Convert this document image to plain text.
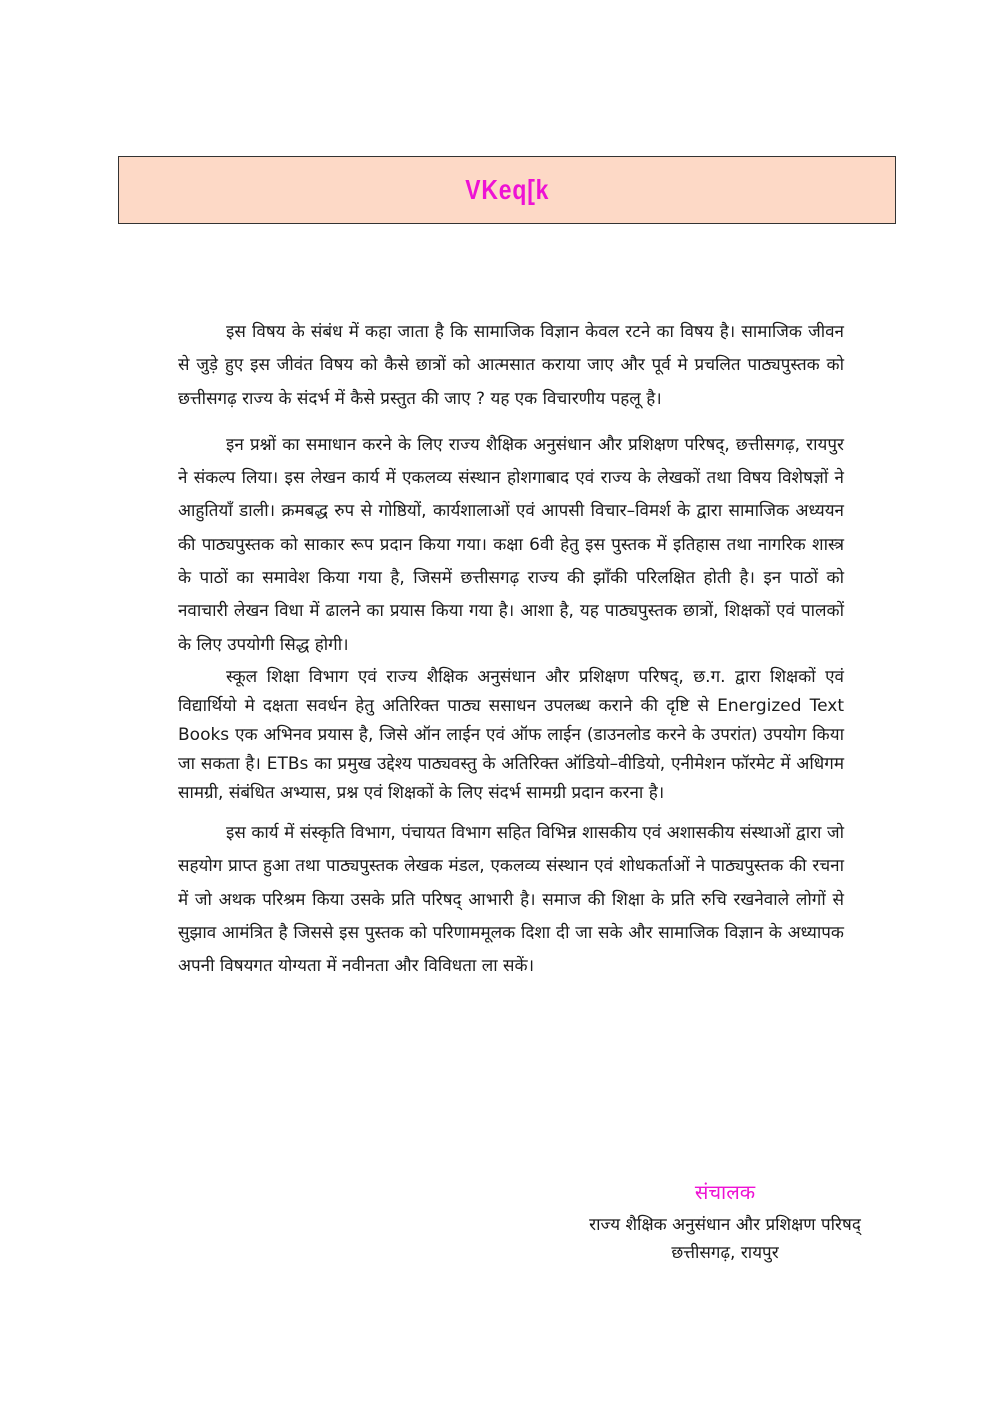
VKeq[k

इस विषय के संबंध में कहा जाता है कि सामाजिक विज्ञान केवल रटने का विषय है। सामाजिक जीवन से जुड़े हुए इस जीवंत विषय को कैसे छात्रों को आत्मसात कराया जाए और पूर्व मे प्रचलित पाठ्यपुस्तक को छत्तीसगढ़ राज्य के संदर्भ में कैसे प्रस्तुत की जाए ? यह एक विचारणीय पहलू है।

इन प्रश्नों का समाधान करने के लिए राज्य शैक्षिक अनुसंधान और प्रशिक्षण परिषद्, छत्तीसगढ़, रायपुर ने संकल्प लिया। इस लेखन कार्य में एकलव्य संस्थान होशगाबाद एवं राज्य के लेखकों तथा विषय विशेषज्ञों ने आहुतियाँ डाली। क्रमबद्ध रुप से गोष्ठियों, कार्यशालाओं एवं आपसी विचार–विमर्श के द्वारा सामाजिक अध्ययन की पाठ्यपुस्तक को साकार रूप प्रदान किया गया। कक्षा 6वी हेतु इस पुस्तक में इतिहास तथा नागरिक शास्त्र के पाठों का समावेश किया गया है, जिसमें छत्तीसगढ़ राज्य की झाँकी परिलक्षित होती है। इन पाठों को नवाचारी लेखन विधा में ढालने का प्रयास किया गया है। आशा है, यह पाठ्यपुस्तक छात्रों, शिक्षकों एवं पालकों के लिए उपयोगी सिद्ध होगी।

स्कूल शिक्षा विभाग एवं राज्य शैक्षिक अनुसंधान और प्रशिक्षण परिषद्, छ.ग. द्वारा शिक्षकों एवं विद्यार्थियो मे दक्षता सवर्धन हेतु अतिरिक्त पाठ्य ससाधन उपलब्ध कराने की दृष्टि से Energized Text Books एक अभिनव प्रयास है, जिसे ऑन लाईन एवं ऑफ लाईन (डाउनलोड करने के उपरांत) उपयोग किया जा सकता है। ETBs का प्रमुख उद्देश्य पाठ्यवस्तु के अतिरिक्त ऑडियो–वीडियो, एनीमेशन फॉरमेट में अधिगम सामग्री, संबंधित अभ्यास, प्रश्न एवं शिक्षकों के लिए संदर्भ सामग्री प्रदान करना है।

इस कार्य में संस्कृति विभाग, पंचायत विभाग सहित विभिन्न शासकीय एवं अशासकीय संस्थाओं द्वारा जो सहयोग प्राप्त हुआ तथा पाठ्यपुस्तक लेखक मंडल, एकलव्य संस्थान एवं शोधकर्ताओं ने पाठ्यपुस्तक की रचना में जो अथक परिश्रम किया उसके प्रति परिषद् आभारी है। समाज की शिक्षा के प्रति रुचि रखनेवाले लोगों से सुझाव आमंत्रित है जिससे इस पुस्तक को परिणाममूलक दिशा दी जा सके और सामाजिक विज्ञान के अध्यापक अपनी विषयगत योग्यता में नवीनता और विविधता ला सकें।

संचालक
राज्य शैक्षिक अनुसंधान और प्रशिक्षण परिषद्
छत्तीसगढ़, रायपुर
